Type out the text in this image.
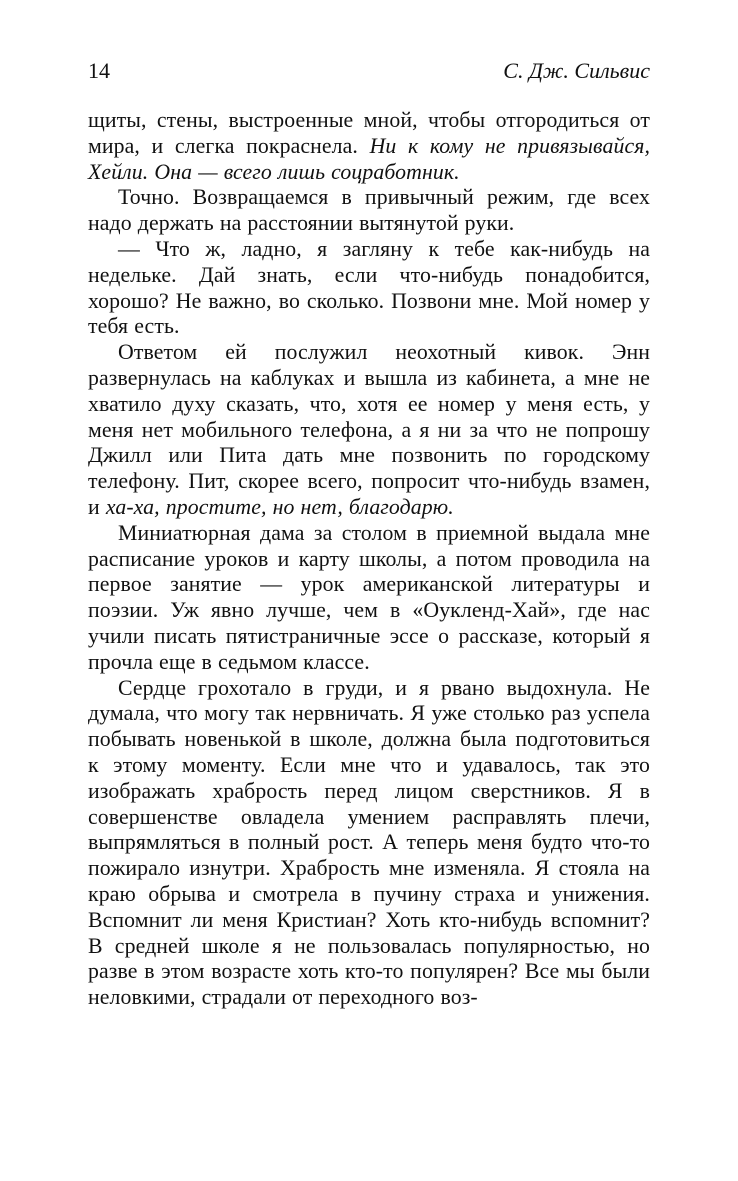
14	С. Дж. Сильвис

щиты, стены, выстроенные мной, чтобы отгородиться от мира, и слегка покраснела. Ни к кому не привязывайся, Хейли. Она — всего лишь соцработник.

Точно. Возвращаемся в привычный режим, где всех надо держать на расстоянии вытянутой руки.

— Что ж, ладно, я загляну к тебе как-нибудь на недельке. Дай знать, если что-нибудь понадобится, хорошо? Не важно, во сколько. Позвони мне. Мой номер у тебя есть.

Ответом ей послужил неохотный кивок. Энн развернулась на каблуках и вышла из кабинета, а мне не хватило духу сказать, что, хотя ее номер у меня есть, у меня нет мобильного телефона, а я ни за что не попрошу Джилл или Пита дать мне позвонить по городскому телефону. Пит, скорее всего, попросит что-нибудь взамен, и ха-ха, простите, но нет, благодарю.

Миниатюрная дама за столом в приемной выдала мне расписание уроков и карту школы, а потом проводила на первое занятие — урок американской литературы и поэзии. Уж явно лучше, чем в «Оукленд-Хай», где нас учили писать пятистраничные эссе о рассказе, который я прочла еще в седьмом классе.

Сердце грохотало в груди, и я рвано выдохнула. Не думала, что могу так нервничать. Я уже столько раз успела побывать новенькой в школе, должна была подготовиться к этому моменту. Если мне что и удавалось, так это изображать храбрость перед лицом сверстников. Я в совершенстве овладела умением расправлять плечи, выпрямляться в полный рост. А теперь меня будто что-то пожирало изнутри. Храбрость мне изменяла. Я стояла на краю обрыва и смотрела в пучину страха и унижения. Вспомнит ли меня Кристиан? Хоть кто-нибудь вспомнит? В средней школе я не пользовалась популярностью, но разве в этом возрасте хоть кто-то популярен? Все мы были неловкими, страдали от переходного воз-
